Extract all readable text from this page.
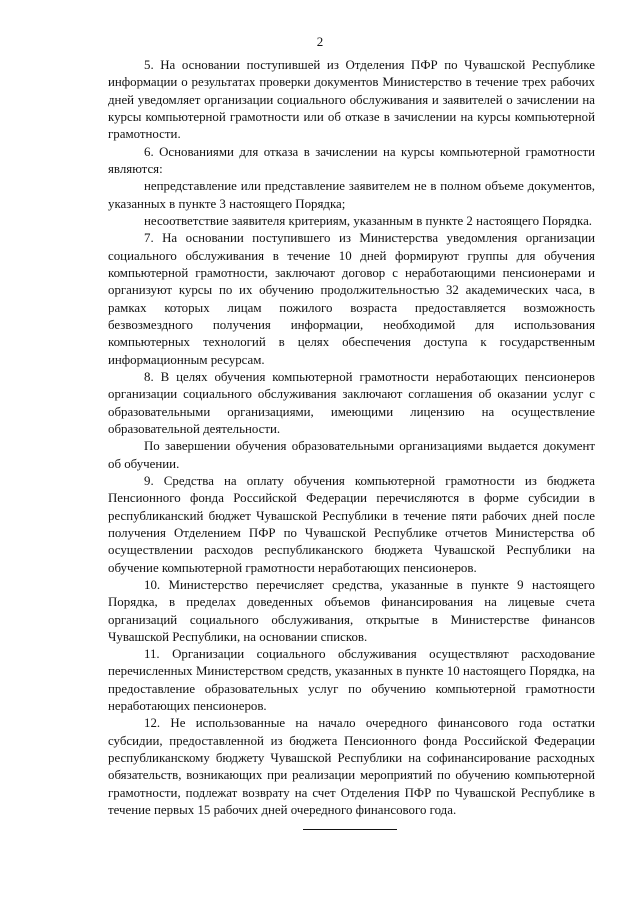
2

5. На основании поступившей из Отделения ПФР по Чувашской Республике информации о результатах проверки документов Министерство в течение трех рабочих дней уведомляет организации социального обслуживания и заявителей о зачислении на курсы компьютерной грамотности или об отказе в зачислении на курсы компьютерной грамотности.

6. Основаниями для отказа в зачислении на курсы компьютерной грамотности являются:

непредставление или представление заявителем не в полном объеме документов, указанных в пункте 3 настоящего Порядка;

несоответствие заявителя критериям, указанным в пункте 2 настоящего Порядка.

7. На основании поступившего из Министерства уведомления организации социального обслуживания в течение 10 дней формируют группы для обучения компьютерной грамотности, заключают договор с неработающими пенсионерами и организуют курсы по их обучению продолжительностью 32 академических часа, в рамках которых лицам пожилого возраста предоставляется возможность безвозмездного получения информации, необходимой для использования компьютерных технологий в целях обеспечения доступа к государственным информационным ресурсам.

8. В целях обучения компьютерной грамотности неработающих пенсионеров организации социального обслуживания заключают соглашения об оказании услуг с образовательными организациями, имеющими лицензию на осуществление образовательной деятельности.

По завершении обучения образовательными организациями выдается документ об обучении.

9. Средства на оплату обучения компьютерной грамотности из бюджета Пенсионного фонда Российской Федерации перечисляются в форме субсидии в республиканский бюджет Чувашской Республики в течение пяти рабочих дней после получения Отделением ПФР по Чувашской Республике отчетов Министерства об осуществлении расходов республиканского бюджета Чувашской Республики на обучение компьютерной грамотности неработающих пенсионеров.

10. Министерство перечисляет средства, указанные в пункте 9 настоящего Порядка, в пределах доведенных объемов финансирования на лицевые счета организаций социального обслуживания, открытые в Министерстве финансов Чувашской Республики, на основании списков.

11. Организации социального обслуживания осуществляют расходование перечисленных Министерством средств, указанных в пункте 10 настоящего Порядка, на предоставление образовательных услуг по обучению компьютерной грамотности неработающих пенсионеров.

12. Не использованные на начало очередного финансового года остатки субсидии, предоставленной из бюджета Пенсионного фонда Российской Федерации республиканскому бюджету Чувашской Республики на софинансирование расходных обязательств, возникающих при реализации мероприятий по обучению компьютерной грамотности, подлежат возврату на счет Отделения ПФР по Чувашской Республике в течение первых 15 рабочих дней очередного финансового года.
